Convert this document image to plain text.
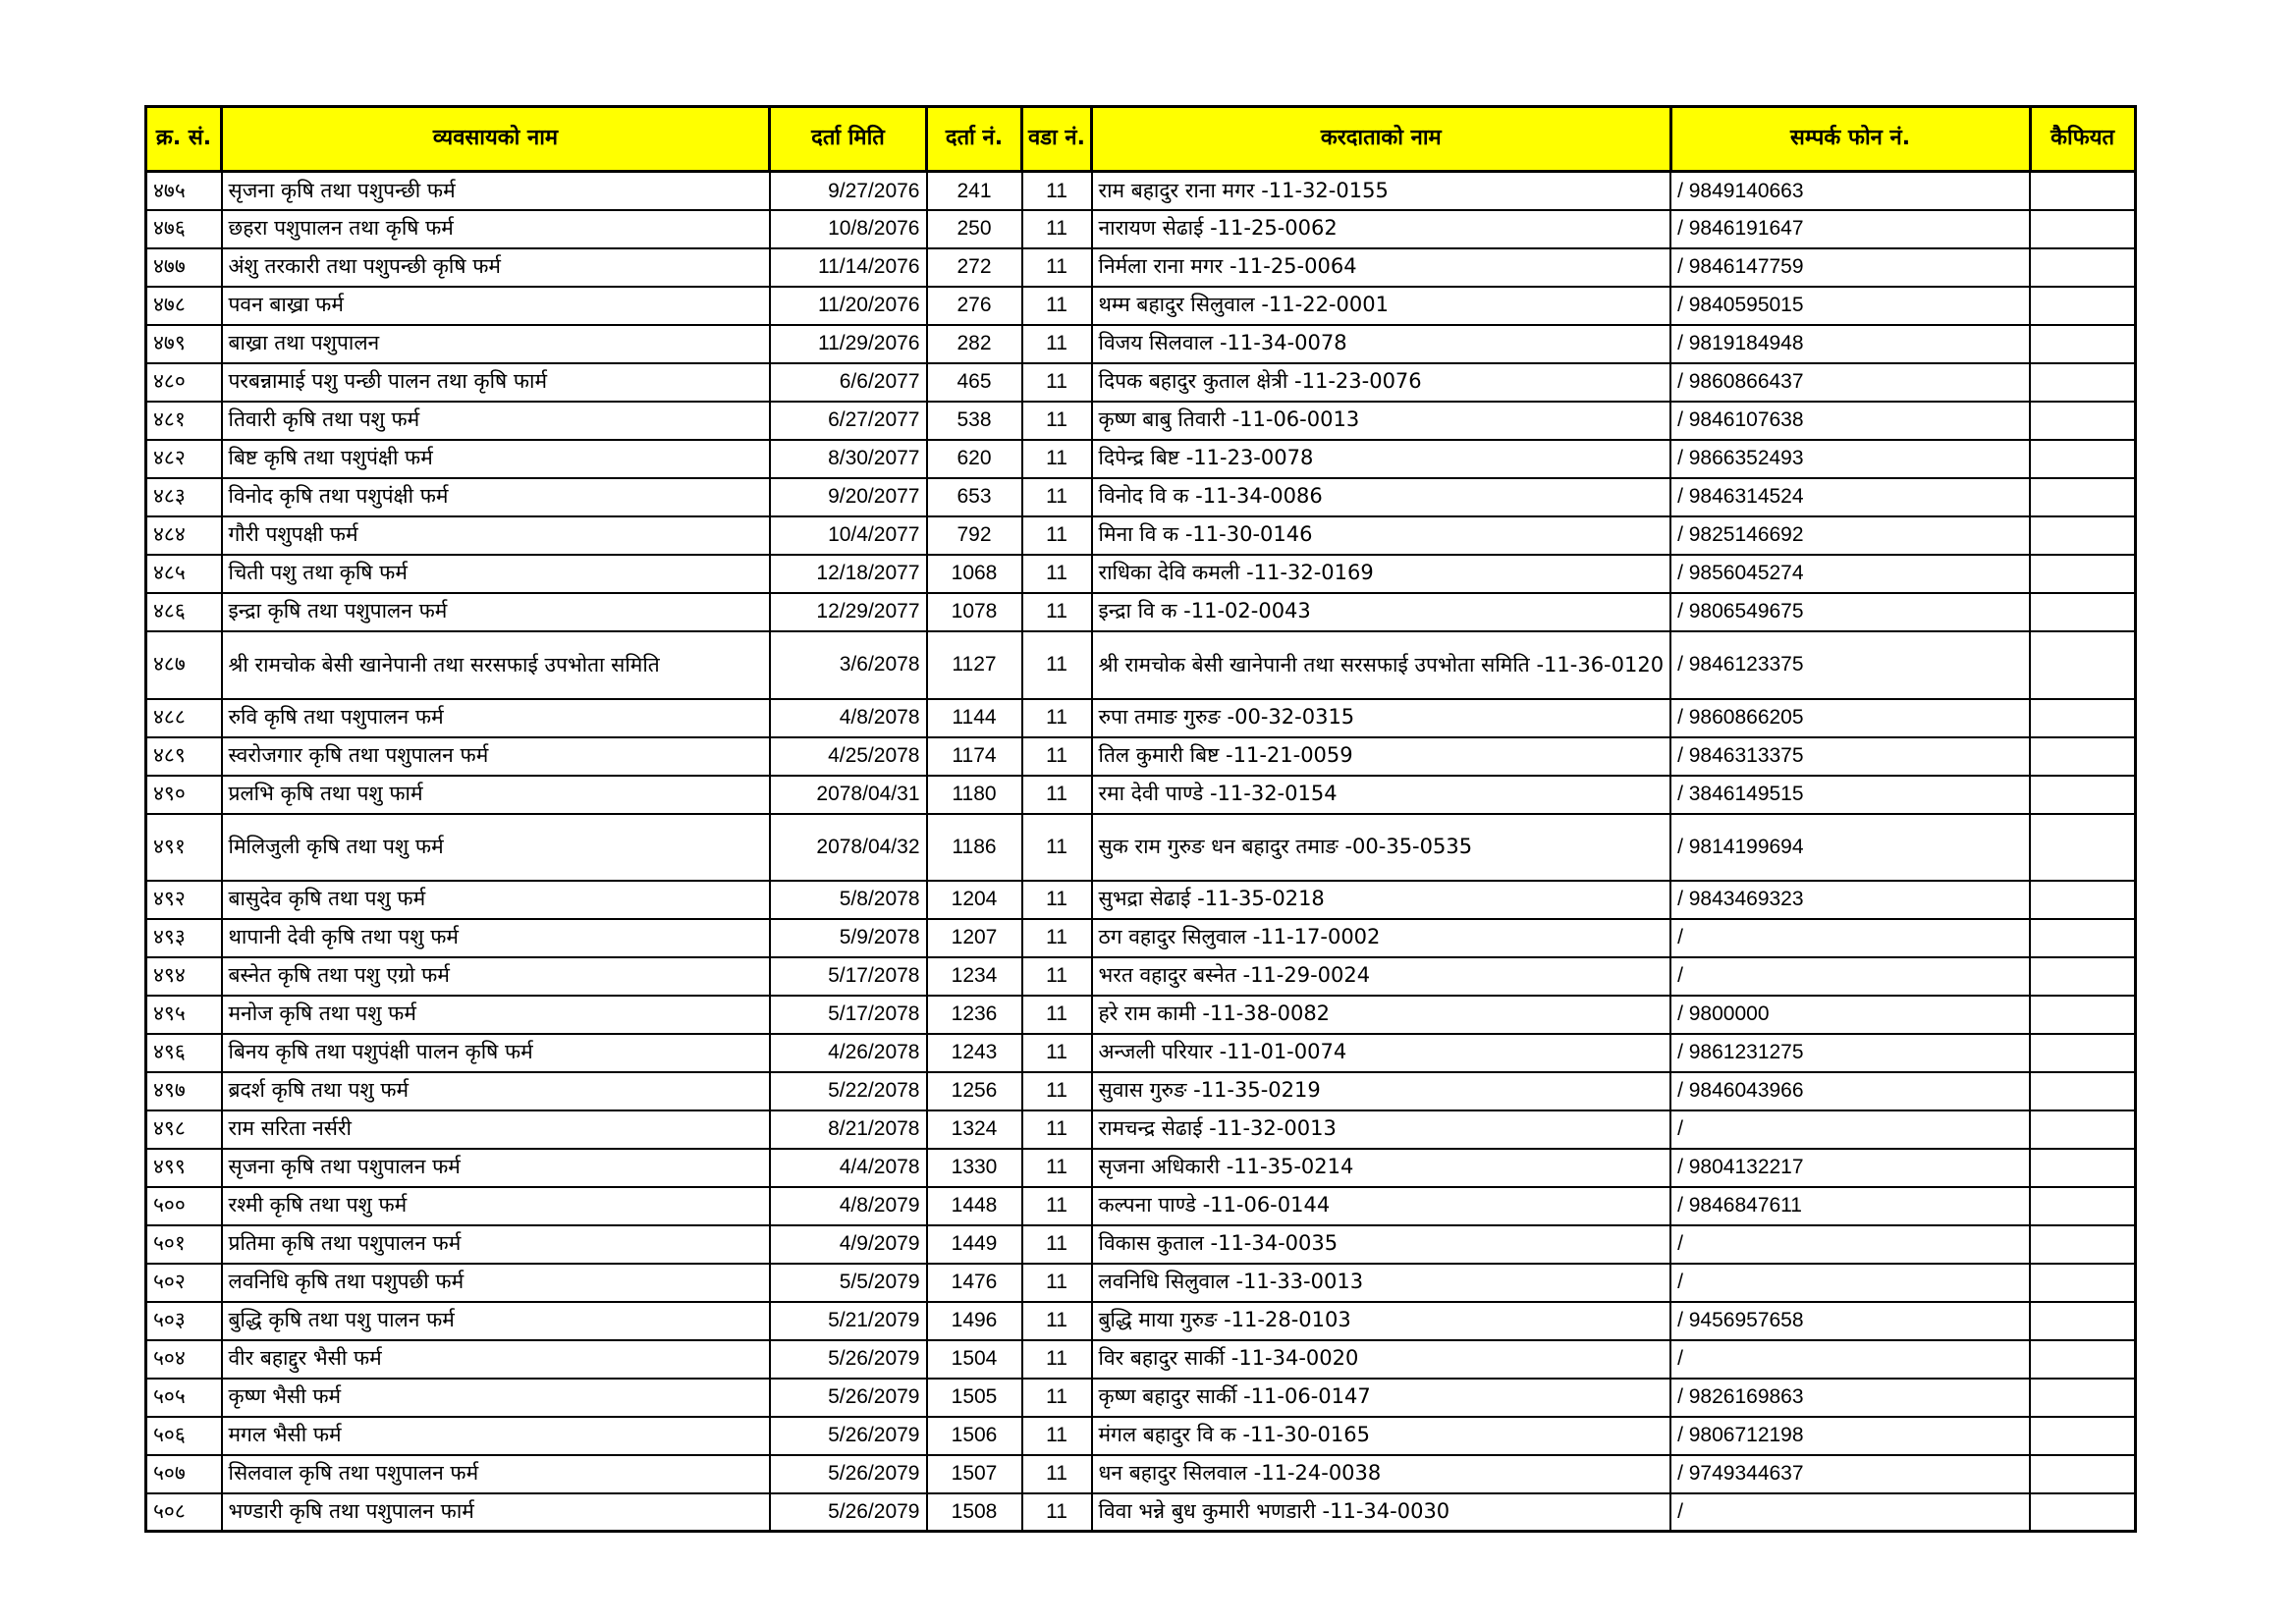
क्र. सं.	व्यवसायको नाम	दर्ता मिति	दर्ता नं.	वडा नं.	करदाताको नाम	सम्पर्क फोन नं.	कैफियत
४७५	सृजना कृषि तथा पशुपन्छी फर्म	9/27/2076	241	11	राम बहादुर राना मगर -11-32-0155	/ 9849140663	
४७६	छहरा पशुपालन तथा कृषि फर्म	10/8/2076	250	11	नारायण सेढाई -11-25-0062	/ 9846191647	
४७७	अंशु तरकारी तथा पशुपन्छी कृषि फर्म	11/14/2076	272	11	निर्मला राना मगर -11-25-0064	/ 9846147759	
४७८	पवन बाख्रा फर्म	11/20/2076	276	11	थम्म बहादुर सिलुवाल -11-22-0001	/ 9840595015	
४७९	बाख्रा तथा पशुपालन	11/29/2076	282	11	विजय सिलवाल -11-34-0078	/ 9819184948	
४८०	परबन्नामाई पशु पन्छी पालन तथा कृषि फार्म	6/6/2077	465	11	दिपक बहादुर कुताल क्षेत्री -11-23-0076	/ 9860866437	
४८१	तिवारी कृषि तथा पशु फर्म	6/27/2077	538	11	कृष्ण बाबु तिवारी -11-06-0013	/ 9846107638	
४८२	बिष्ट कृषि तथा पशुपंक्षी फर्म	8/30/2077	620	11	दिपेन्द्र बिष्ट -11-23-0078	/ 9866352493	
४८३	विनोद कृषि तथा पशुपंक्षी फर्म	9/20/2077	653	11	विनोद वि क -11-34-0086	/ 9846314524	
४८४	गौरी पशुपक्षी फर्म	10/4/2077	792	11	मिना वि क -11-30-0146	/ 9825146692	
४८५	चिती पशु तथा कृषि फर्म	12/18/2077	1068	11	राधिका देवि कमली -11-32-0169	/ 9856045274	
४८६	इन्द्रा कृषि तथा पशुपालन फर्म	12/29/2077	1078	11	इन्द्रा वि क -11-02-0043	/ 9806549675	
४८७	श्री रामचोक बेसी खानेपानी तथा सरसफाई उपभोता समिति	3/6/2078	1127	11	श्री रामचोक बेसी खानेपानी तथा सरसफाई उपभोता समिति -11-36-0120	/ 9846123375	
४८८	रुवि कृषि तथा पशुपालन फर्म	4/8/2078	1144	11	रुपा तमाङ गुरुङ -00-32-0315	/ 9860866205	
४८९	स्वरोजगार कृषि तथा पशुपालन फर्म	4/25/2078	1174	11	तिल कुमारी बिष्ट -11-21-0059	/ 9846313375	
४९०	प्रलभि कृषि तथा पशु फार्म	2078/04/31	1180	11	रमा देवी पाण्डे -11-32-0154	/ 3846149515	
४९१	मिलिजुली कृषि तथा पशु फर्म	2078/04/32	1186	11	सुक राम गुरुङ धन बहादुर तमाङ -00-35-0535	/ 9814199694	
४९२	बासुदेव कृषि तथा पशु फर्म	5/8/2078	1204	11	सुभद्रा सेढाई -11-35-0218	/ 9843469323	
४९३	थापानी देवी कृषि तथा पशु फर्म	5/9/2078	1207	11	ठग वहादुर सिलुवाल -11-17-0002	/	
४९४	बस्नेत कृषि तथा पशु एग्रो फर्म	5/17/2078	1234	11	भरत वहादुर बस्नेत -11-29-0024	/	
४९५	मनोज कृषि तथा पशु फर्म	5/17/2078	1236	11	हरे राम कामी -11-38-0082	/ 9800000	
४९६	बिनय कृषि तथा पशुपंक्षी पालन कृषि फर्म	4/26/2078	1243	11	अन्जली परियार -11-01-0074	/ 9861231275	
४९७	ब्रदर्श कृषि तथा पशु फर्म	5/22/2078	1256	11	सुवास गुरुङ -11-35-0219	/ 9846043966	
४९८	राम सरिता नर्सरी	8/21/2078	1324	11	रामचन्द्र सेढाई -11-32-0013	/	
४९९	सृजना कृषि तथा पशुपालन फर्म	4/4/2078	1330	11	सृजना अधिकारी -11-35-0214	/ 9804132217	
५००	रश्मी कृषि तथा पशु फर्म	4/8/2079	1448	11	कल्पना पाण्डे -11-06-0144	/ 9846847611	
५०१	प्रतिमा कृषि तथा पशुपालन फर्म	4/9/2079	1449	11	विकास कुताल -11-34-0035	/	
५०२	लवनिधि कृषि तथा पशुपछी फर्म	5/5/2079	1476	11	लवनिधि सिलुवाल -11-33-0013	/	
५०३	बुद्धि कृषि तथा पशु पालन फर्म	5/21/2079	1496	11	बुद्धि माया गुरुङ -11-28-0103	/ 9456957658	
५०४	वीर बहाद्दुर भैसी फर्म	5/26/2079	1504	11	विर बहादुर सार्की -11-34-0020	/	
५०५	कृष्ण भैसी फर्म	5/26/2079	1505	11	कृष्ण बहादुर सार्की -11-06-0147	/ 9826169863	
५०६	मगल भैसी फर्म	5/26/2079	1506	11	मंगल बहादुर वि क -11-30-0165	/ 9806712198	
५०७	सिलवाल कृषि तथा पशुपालन फर्म	5/26/2079	1507	11	धन बहादुर सिलवाल -11-24-0038	/ 9749344637	
५०८	भण्डारी कृषि तथा पशुपालन फार्म	5/26/2079	1508	11	विवा भन्ने बुध कुमारी भणडारी -11-34-0030	/	
